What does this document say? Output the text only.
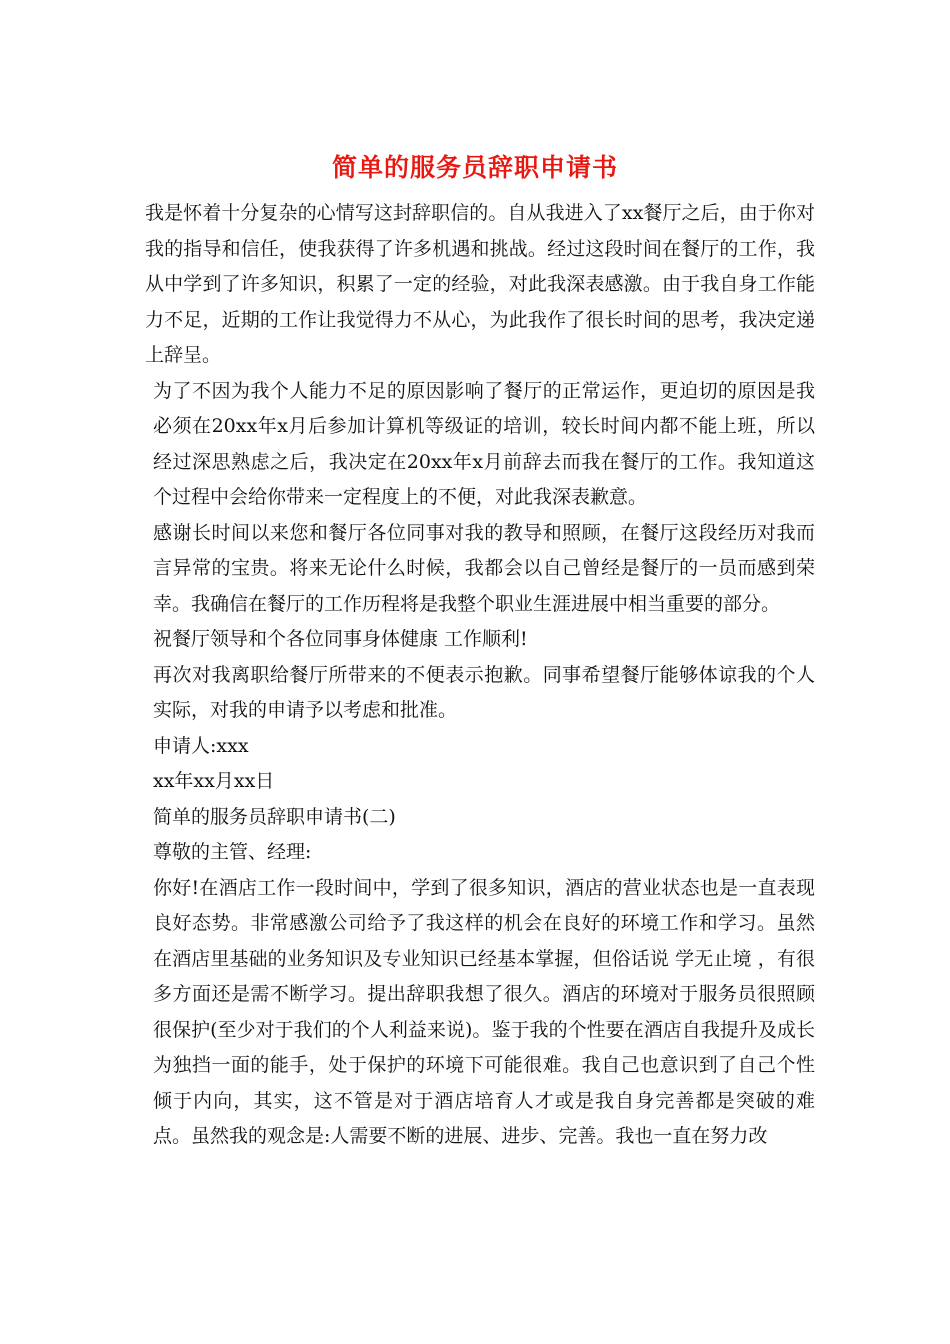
简单的服务员辞职申请书

我是怀着十分复杂的心情写这封辞职信的。自从我进入了xx餐厅之后，由于你对我的指导和信任，使我获得了许多机遇和挑战。经过这段时间在餐厅的工作，我从中学到了许多知识，积累了一定的经验，对此我深表感激。由于我自身工作能力不足，近期的工作让我觉得力不从心，为此我作了很长时间的思考，我决定递上辞呈。

为了不因为我个人能力不足的原因影响了餐厅的正常运作，更迫切的原因是我必须在20xx年x月后参加计算机等级证的培训，较长时间内都不能上班，所以经过深思熟虑之后，我决定在20xx年x月前辞去而我在餐厅的工作。我知道这个过程中会给你带来一定程度上的不便，对此我深表歉意。

感谢长时间以来您和餐厅各位同事对我的教导和照顾，在餐厅这段经历对我而言异常的宝贵。将来无论什么时候，我都会以自己曾经是餐厅的一员而感到荣幸。我确信在餐厅的工作历程将是我整个职业生涯进展中相当重要的部分。

祝餐厅领导和个各位同事身体健康 工作顺利!

再次对我离职给餐厅所带来的不便表示抱歉。同事希望餐厅能够体谅我的个人实际，对我的申请予以考虑和批准。

申请人:xxx

xx年xx月xx日

简单的服务员辞职申请书(二)

尊敬的主管、经理:

你好!在酒店工作一段时间中，学到了很多知识，酒店的营业状态也是一直表现良好态势。非常感激公司给予了我这样的机会在良好的环境工作和学习。虽然在酒店里基础的业务知识及专业知识已经基本掌握，但俗话说 学无止境 ，有很多方面还是需不断学习。提出辞职我想了很久。酒店的环境对于服务员很照顾很保护(至少对于我们的个人利益来说)。鉴于我的个性要在酒店自我提升及成长为独挡一面的能手，处于保护的环境下可能很难。我自己也意识到了自己个性倾于内向，其实，这不管是对于酒店培育人才或是我自身完善都是突破的难点。虽然我的观念是:人需要不断的进展、进步、完善。我也一直在努力改
